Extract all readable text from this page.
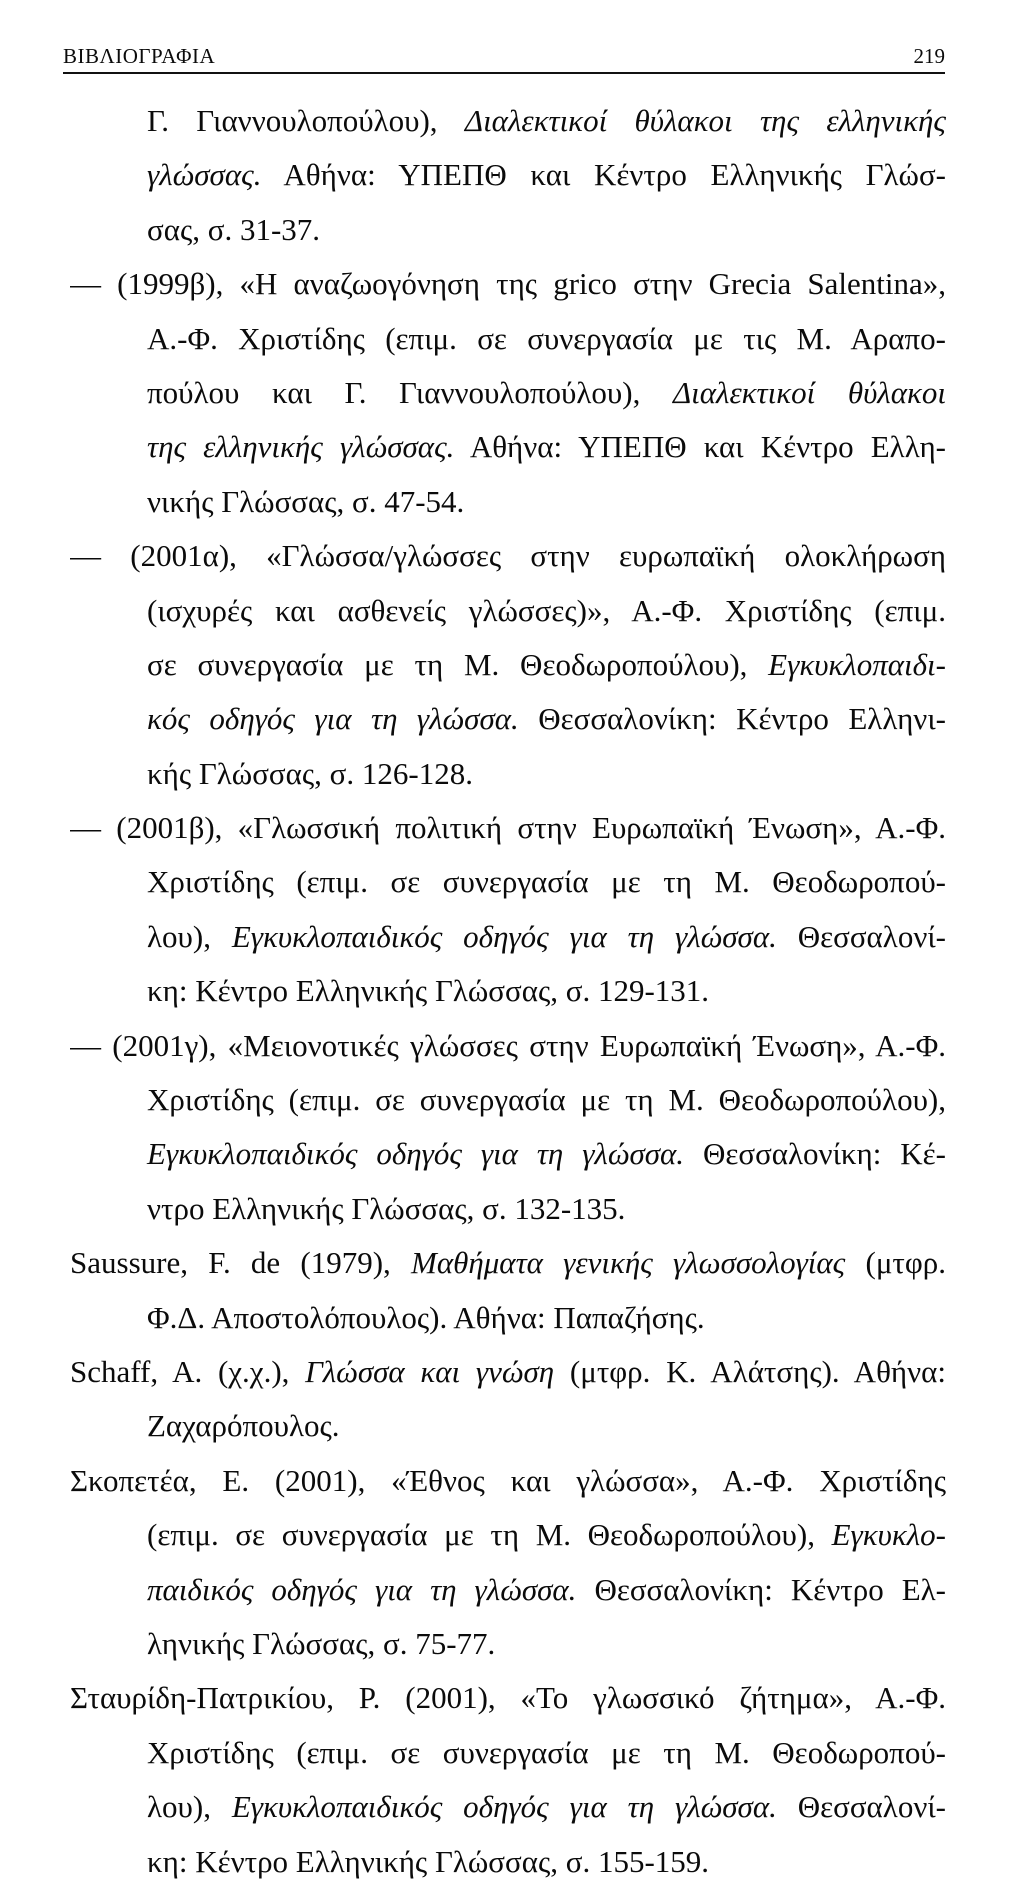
ΒΙΒΛΙΟΓΡΑΦΙΑ	219
Γ. Γιαννουλοπούλου), Διαλεκτικοί θύλακοι της ελληνικής
γλώσσας. Αθήνα: ΥΠΕΠΘ και Κέντρο Ελληνικής Γλώσ-
σας, σ. 31-37.
— (1999β), «Η αναζωογόνηση της grico στην Grecia Salentina»,
Α.-Φ. Χριστίδης (επιμ. σε συνεργασία με τις Μ. Αραπο-
πούλου και Γ. Γιαννουλοπούλου), Διαλεκτικοί θύλακοι
της ελληνικής γλώσσας. Αθήνα: ΥΠΕΠΘ και Κέντρο Ελλη-
νικής Γλώσσας, σ. 47-54.
— (2001α), «Γλώσσα/γλώσσες στην ευρωπαϊκή ολοκλήρωση
(ισχυρές και ασθενείς γλώσσες)», Α.-Φ. Χριστίδης (επιμ.
σε συνεργασία με τη Μ. Θεοδωροπούλου), Εγκυκλοπαιδι-
κός οδηγός για τη γλώσσα. Θεσσαλονίκη: Κέντρο Ελληνι-
κής Γλώσσας, σ. 126-128.
— (2001β), «Γλωσσική πολιτική στην Ευρωπαϊκή Ένωση», Α.-Φ.
Χριστίδης (επιμ. σε συνεργασία με τη Μ. Θεοδωροπού-
λου), Εγκυκλοπαιδικός οδηγός για τη γλώσσα. Θεσσαλονί-
κη: Κέντρο Ελληνικής Γλώσσας, σ. 129-131.
— (2001γ), «Μειονοτικές γλώσσες στην Ευρωπαϊκή Ένωση», Α.-Φ.
Χριστίδης (επιμ. σε συνεργασία με τη Μ. Θεοδωροπούλου),
Εγκυκλοπαιδικός οδηγός για τη γλώσσα. Θεσσαλονίκη: Κέ-
ντρο Ελληνικής Γλώσσας, σ. 132-135.
Saussure, F. de (1979), Μαθήματα γενικής γλωσσολογίας (μτφρ.
Φ.Δ. Αποστολόπουλος). Αθήνα: Παπαζήσης.
Schaff, A. (χ.χ.), Γλώσσα και γνώση (μτφρ. Κ. Αλάτσης). Αθήνα:
Ζαχαρόπουλος.
Σκοπετέα, Ε. (2001), «Έθνος και γλώσσα», Α.-Φ. Χριστίδης
(επιμ. σε συνεργασία με τη Μ. Θεοδωροπούλου), Εγκυκλο-
παιδικός οδηγός για τη γλώσσα. Θεσσαλονίκη: Κέντρο Ελ-
ληνικής Γλώσσας, σ. 75-77.
Σταυρίδη-Πατρικίου, Ρ. (2001), «Το γλωσσικό ζήτημα», Α.-Φ.
Χριστίδης (επιμ. σε συνεργασία με τη Μ. Θεοδωροπού-
λου), Εγκυκλοπαιδικός οδηγός για τη γλώσσα. Θεσσαλονί-
κη: Κέντρο Ελληνικής Γλώσσας, σ. 155-159.
